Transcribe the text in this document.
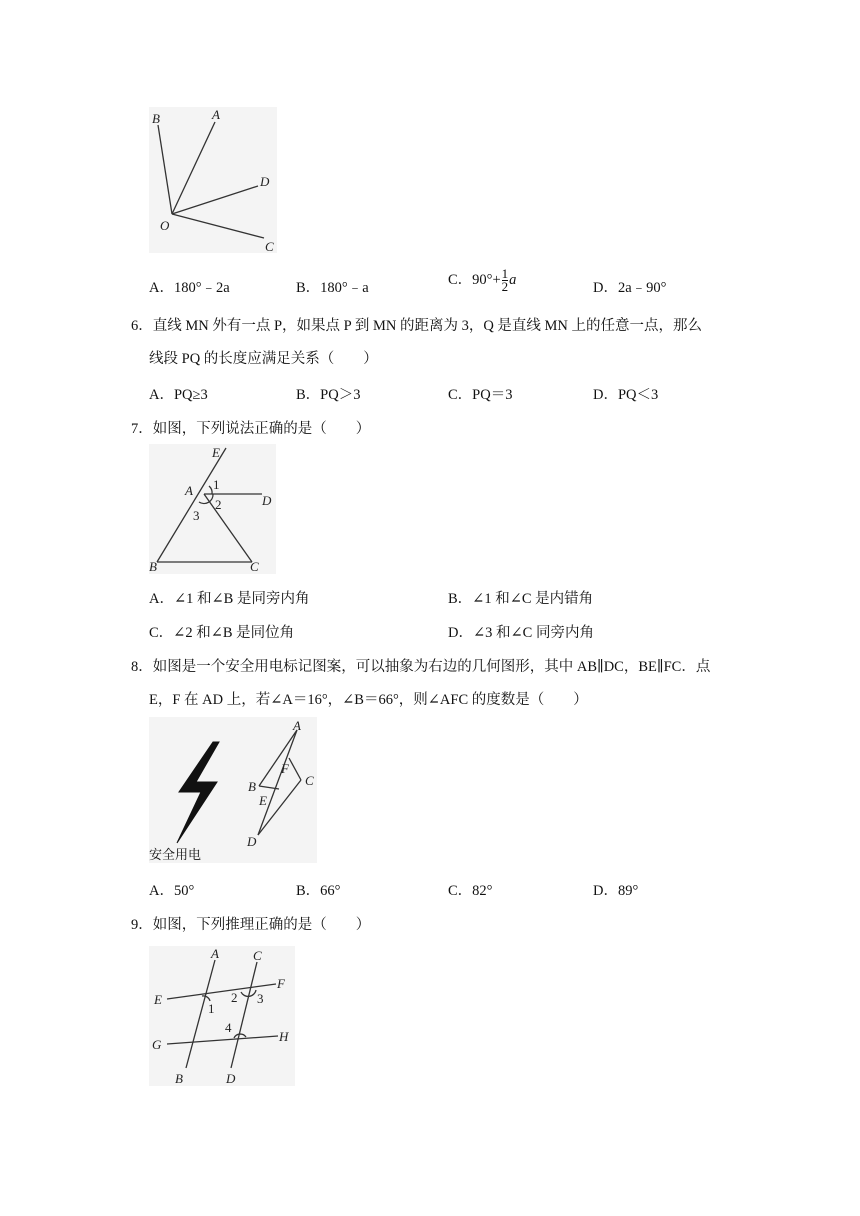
B	A
D
C
O
A．180°﹣2a	B．180°﹣a	C．$90^\circ+ \frac{1}{2}$ a	D．2a﹣90°
6．直线 MN 外有一点 P，如果点 P 到 MN 的距离为 3，Q 是直线 MN 上的任意一点，那么
线段 PQ 的长度应满足关系（　　）
A．PQ≥3	B．PQ＞3	C．PQ＝3	D．PQ＜3
7．如图，下列说法正确的是（　　）
E
A
D
B	C
1
2
3
A．∠1 和∠B 是同旁内角	B．∠1 和∠C 是内错角
C．∠2 和∠B 是同位角	D．∠3 和∠C 同旁内角
8．如图是一个安全用电标记图案，可以抽象为右边的几何图形，其中 AB∥DC，BE∥FC．点
E，F 在 AD 上，若∠A＝16°，∠B＝66°，则∠AFC 的度数是（　　）
安全用电
A
B	C
D
E
F
A．50°	B．66°	C．82°	D．89°
9．如图，下列推理正确的是（　　）
A	C
F
E
G
H
B	D
1
2 3
4
